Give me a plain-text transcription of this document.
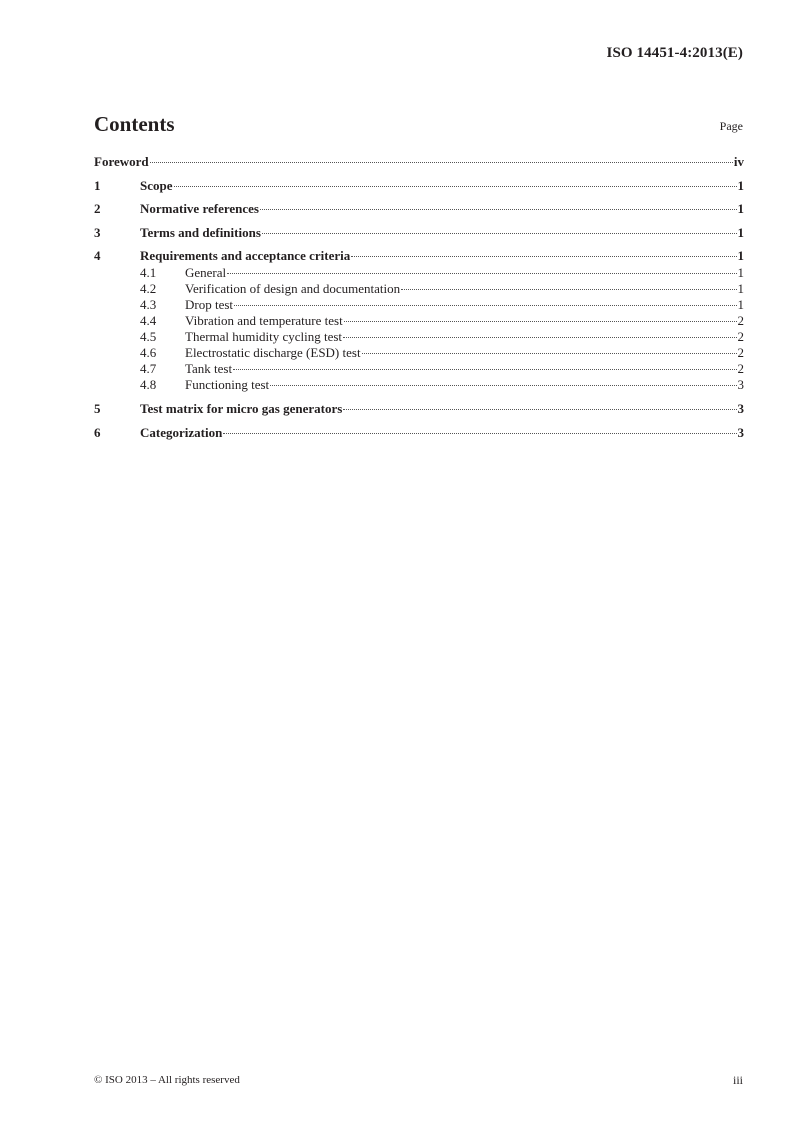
ISO 14451-4:2013(E)
Contents	Page
Foreword	iv
1	Scope	1
2	Normative references	1
3	Terms and definitions	1
4	Requirements and acceptance criteria	1
4.1	General	1
4.2	Verification of design and documentation	1
4.3	Drop test	1
4.4	Vibration and temperature test	2
4.5	Thermal humidity cycling test	2
4.6	Electrostatic discharge (ESD) test	2
4.7	Tank test	2
4.8	Functioning test	3
5	Test matrix for micro gas generators	3
6	Categorization	3
© ISO 2013 – All rights reserved	iii
